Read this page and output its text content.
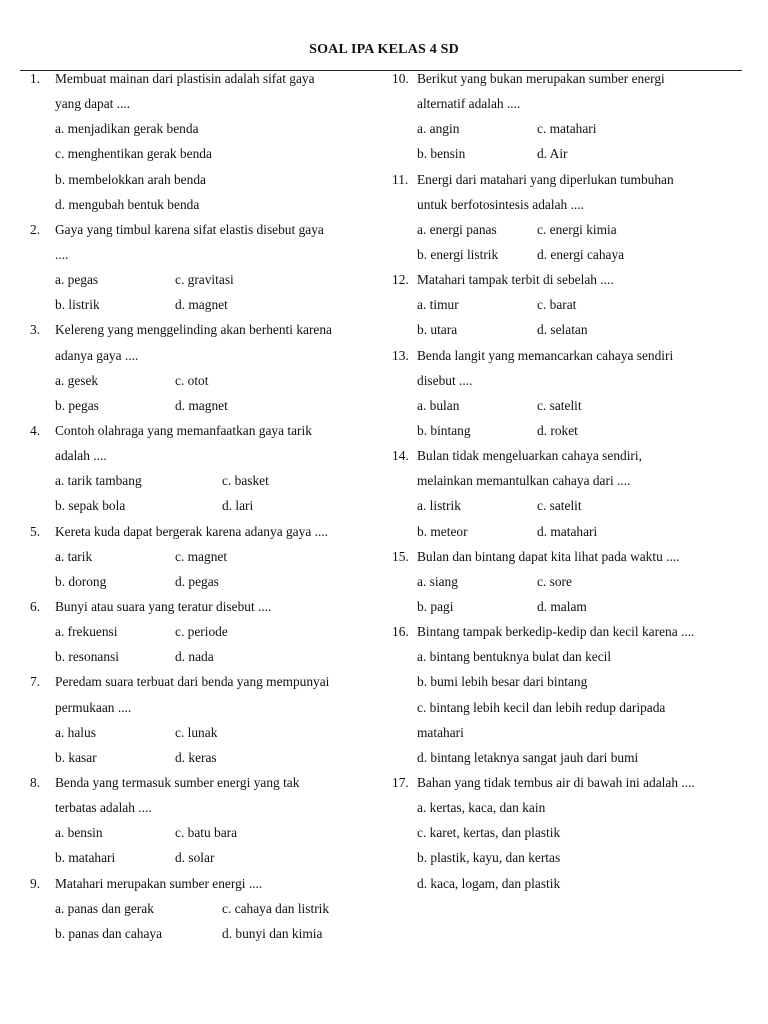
SOAL IPA KELAS 4 SD
1. Membuat mainan dari plastisin adalah sifat gaya
yang dapat ....
a. menjadikan gerak benda
c. menghentikan gerak benda
b. membelokkan arah benda
d. mengubah bentuk benda
2. Gaya yang timbul karena sifat elastis disebut gaya
....
a. pegas	c. gravitasi
b. listrik	d. magnet
3. Kelereng yang menggelinding akan berhenti karena
adanya gaya ....
a. gesek	c. otot
b. pegas	d. magnet
4. Contoh olahraga yang memanfaatkan gaya tarik
adalah ....
a. tarik tambang	c. basket
b. sepak bola	d. lari
5. Kereta kuda dapat bergerak karena adanya gaya ....
a. tarik	c. magnet
b. dorong	d. pegas
6. Bunyi atau suara yang teratur disebut ....
a. frekuensi	c. periode
b. resonansi	d. nada
7. Peredam suara terbuat dari benda yang mempunyai
permukaan ....
a. halus	c. lunak
b. kasar	d. keras
8. Benda yang termasuk sumber energi yang tak
terbatas adalah ....
a. bensin	c. batu bara
b. matahari	d. solar
9. Matahari merupakan sumber energi ....
a. panas dan gerak	c. cahaya dan listrik
b. panas dan cahaya	d. bunyi dan kimia
10. Berikut yang bukan merupakan sumber energi
alternatif adalah ....
a. angin	c. matahari
b. bensin	d. Air
11. Energi dari matahari yang diperlukan tumbuhan
untuk berfotosintesis adalah ....
a. energi panas	c. energi kimia
b. energi listrik	d. energi cahaya
12. Matahari tampak terbit di sebelah ....
a. timur	c. barat
b. utara	d. selatan
13. Benda langit yang memancarkan cahaya sendiri
disebut ....
a. bulan	c. satelit
b. bintang	d. roket
14. Bulan tidak mengeluarkan cahaya sendiri,
melainkan memantulkan cahaya dari ....
a. listrik	c. satelit
b. meteor	d. matahari
15. Bulan dan bintang dapat kita lihat pada waktu ....
a. siang	c. sore
b. pagi	d. malam
16. Bintang tampak berkedip-kedip dan kecil karena ....
a. bintang bentuknya bulat dan kecil
b. bumi lebih besar dari bintang
c. bintang lebih kecil dan lebih redup daripada
matahari
d. bintang letaknya sangat jauh dari bumi
17. Bahan yang tidak tembus air di bawah ini adalah ....
a. kertas, kaca, dan kain
c. karet, kertas, dan plastik
b. plastik, kayu, dan kertas
d. kaca, logam, dan plastik
